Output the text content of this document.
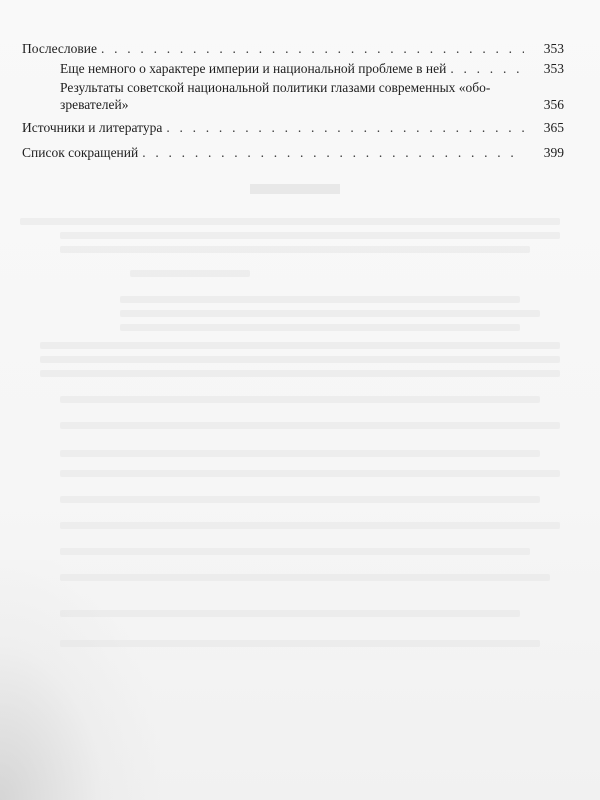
Послесловие . . .	353
Еще немного о характере империи и национальной проблеме в ней . . .	353
Результаты советской национальной политики глазами современных «обо-
зревателей»	356
Источники и литература . . .	365
Список сокращений . . .	399
